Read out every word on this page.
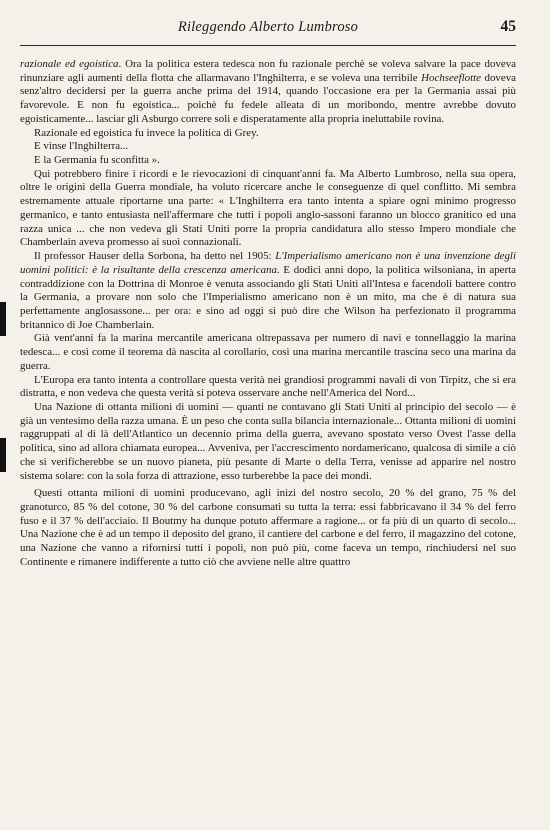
Rileggendo Alberto Lumbroso	45

razionale ed egoistica. Ora la politica estera tedesca non fu razionale perchè se voleva salvare la pace doveva rinunziare agli aumenti della flotta che allarmavano l'Inghilterra, e se voleva una terribile Hochseeflotte doveva senz'altro decidersi per la guerra anche prima del 1914, quando l'occasione era per la Germania assai più favorevole. E non fu egoistica... poichè fu fedele alleata di un moribondo, mentre avrebbe dovuto egoisticamente... lasciar gli Asburgo correre soli e disperatamente alla propria ineluttabile rovina.

Razionale ed egoistica fu invece la politica di Grey.

E vinse l'Inghilterra...

E la Germania fu sconfitta ».

Qui potrebbero finire i ricordi e le rievocazioni di cinquant'anni fa. Ma Alberto Lumbroso, nella sua opera, oltre le origini della Guerra mondiale, ha voluto ricercare anche le conseguenze di quel conflitto. Mi sembra estremamente attuale riportarne una parte: « L'Inghilterra era tanto intenta a spiare ogni minimo progresso germanico, e tanto entusiasta nell'affermare che tutti i popoli anglo-sassoni faranno un blocco granitico ed una razza unica ... che non vedeva gli Stati Uniti porre la propria candidatura allo stesso Impero mondiale che Chamberlain aveva promesso ai suoi connazionali.

Il professor Hauser della Sorbona, ha detto nel 1905: L'Imperialismo americano non è una invenzione degli uomini politici: è la risultante della crescenza americana. E dodici anni dopo, la politica wilsoniana, in aperta contraddizione con la Dottrina di Monroe è venuta associando gli Stati Uniti all'Intesa e facendoli battere contro la Germania, a provare non solo che l'Imperialismo americano non è un mito, ma che è di natura sua perfettamente anglosassone... per ora: e sino ad oggi si può dire che Wilson ha perfezionato il programma britannico di Joe Chamberlain.

Già vent'anni fa la marina mercantile americana oltrepassava per numero di navi e tonnellaggio la marina tedesca... e così come il teorema dà nascita al corollario, così una marina mercantile trascina seco una marina da guerra.

L'Europa era tanto intenta a controllare questa verità nei grandiosi programmi navali di von Tirpitz, che si era distratta, e non vedeva che questa verità si poteva osservare anche nell'America del Nord...

Una Nazione di ottanta milioni di uomini — quanti ne contavano gli Stati Uniti al principio del secolo — è già un ventesimo della razza umana. È un peso che conta sulla bilancia internazionale... Ottanta milioni di uomini raggruppati al di là dell'Atlantico un decennio prima della guerra, avevano spostato verso Ovest l'asse della politica, sino ad allora chiamata europea... Avveniva, per l'accrescimento nordamericano, qualcosa di simile a ciò che si verificherebbe se un nuovo pianeta, più pesante di Marte o della Terra, venisse ad apparire nel nostro sistema solare: con la sola forza di attrazione, esso turberebbe la pace dei mondi.

Questi ottanta milioni di uomini producevano, agli inizi del nostro secolo, 20 % del grano, 75 % del granoturco, 85 % del cotone, 30 % del carbone consumati su tutta la terra: essi fabbricavano il 34 % del ferro fuso e il 37 % dell'acciaio. Il Boutmy ha dunque potuto affermare a ragione... or fa più di un quarto di secolo... Una Nazione che è ad un tempo il deposito del grano, il cantiere del carbone e del ferro, il magazzino del cotone, una Nazione che vanno a rifornirsi tutti i popoli, non può più, come faceva un tempo, rinchiudersi nel suo Continente e rimanere indifferente a tutto ciò che avviene nelle altre quattro
